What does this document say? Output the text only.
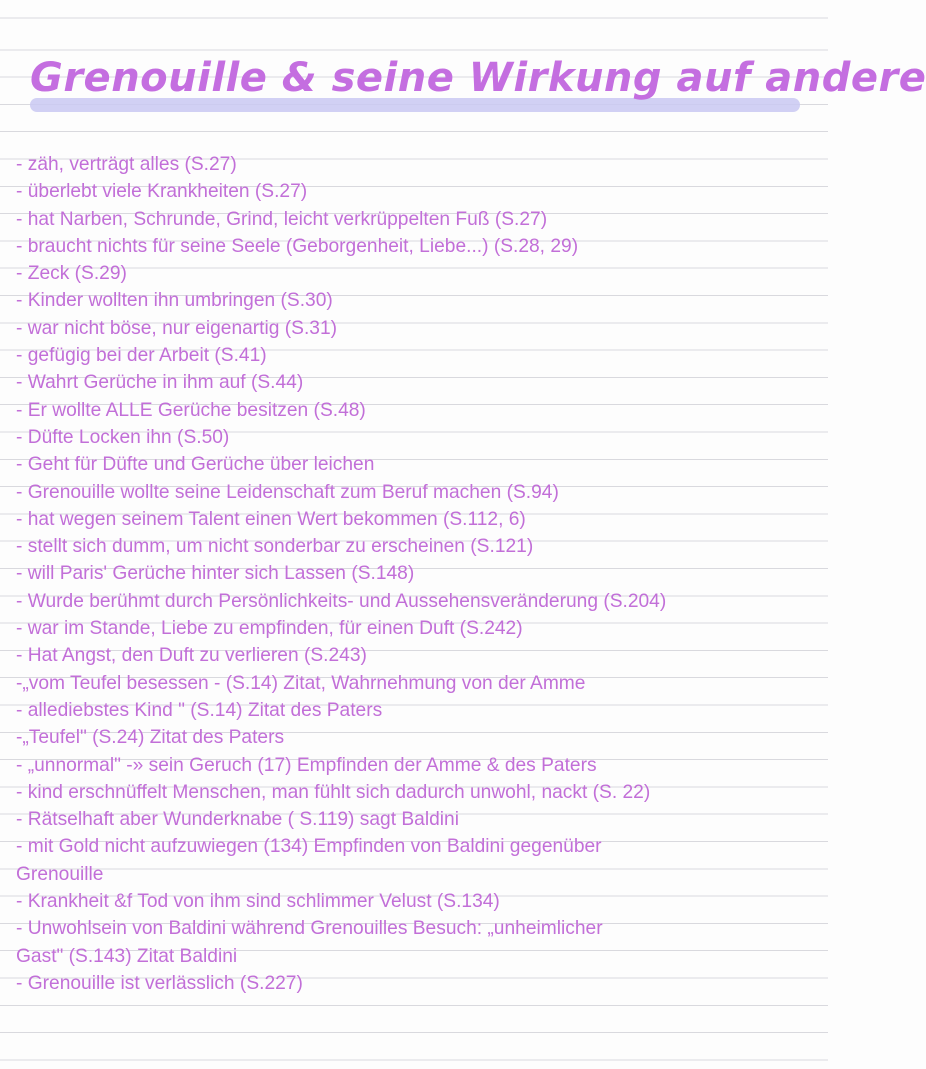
Grenouille & seine Wirkung auf andere
- zäh, verträgt alles (S.27)
- überlebt viele Krankheiten (S.27)
- hat Narben, Schrunde, Grind, leicht verkrüppelten Fuß (S.27)
- braucht nichts für seine Seele (Geborgenheit, Liebe...) (S.28, 29)
- Zeck (S.29)
- Kinder wollten ihn umbringen (S.30)
- war nicht böse, nur eigenartig (S.31)
- gefügig bei der Arbeit (S.41)
- Wahrt Gerüche in ihm auf (S.44)
- Er wollte ALLE Gerüche besitzen (S.48)
- Düfte Locken ihn (S.50)
- Geht für Düfte und Gerüche über leichen
- Grenouille wollte seine Leidenschaft zum Beruf machen (S.94)
- hat wegen seinem Talent einen Wert bekommen (S.112, 6)
- stellt sich dumm, um nicht sonderbar zu erscheinen (S.121)
- will Paris' Gerüche hinter sich Lassen (S.148)
- Wurde berühmt durch Persönlichkeits- und Aussehensveränderung (S.204)
- war im Stande, Liebe zu empfinden, für einen Duft (S.242)
- Hat Angst, den Duft zu verlieren (S.243)
-„vom Teufel besessen - (S.14) Zitat, Wahrnehmung von der Amme
- allediebstes Kind " (S.14) Zitat des Paters
-„Teufel" (S.24) Zitat des Paters
- „unnormal" -» sein Geruch (17) Empfinden der Amme & des Paters
- kind erschnüffelt Menschen, man fühlt sich dadurch unwohl, nackt (S. 22)
- Rätselhaft aber Wunderknabe ( S.119) sagt Baldini
- mit Gold nicht aufzuwiegen (134) Empfinden von Baldini gegenüber
Grenouille
- Krankheit &f Tod von ihm sind schlimmer Velust (S.134)
- Unwohlsein von Baldini während Grenouilles Besuch: „unheimlicher
Gast" (S.143) Zitat Baldini
- Grenouille ist verlässlich (S.227)
